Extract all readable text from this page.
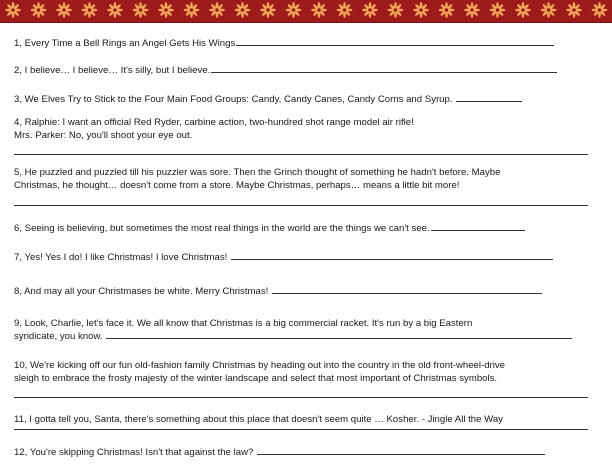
1, Every Time a Bell Rings an Angel Gets His Wings
2, I believe… I believe… It's silly, but I believe.
3, We Elves Try to Stick to the Four Main Food Groups: Candy, Candy Canes, Candy Corns and Syrup.
4, Ralphie: I want an official Red Ryder, carbine action, two-hundred shot range model air rifle!
Mrs. Parker: No, you'll shoot your eye out.
5, He puzzled and puzzled till his puzzler was sore. Then the Grinch thought of something he hadn't before. Maybe
Christmas, he thought… doesn't come from a store. Maybe Christmas, perhaps… means a little bit more!
6, Seeing is believing, but sometimes the most real things in the world are the things we can't see.
7, Yes! Yes I do! I like Christmas! I love Christmas!
8, And may all your Christmases be white. Merry Christmas!
9, Look, Charlie, let's face it. We all know that Christmas is a big commercial racket. It's run by a big Eastern
syndicate, you know.
10, We're kicking off our fun old-fashion family Christmas by heading out into the country in the old front-wheel-drive
sleigh to embrace the frosty majesty of the winter landscape and select that most important of Christmas symbols.
11, I gotta tell you, Santa, there's something about this place that doesn't seem quite … Kosher. - Jingle All the Way
12, You're skipping Christmas! Isn't that against the law?
